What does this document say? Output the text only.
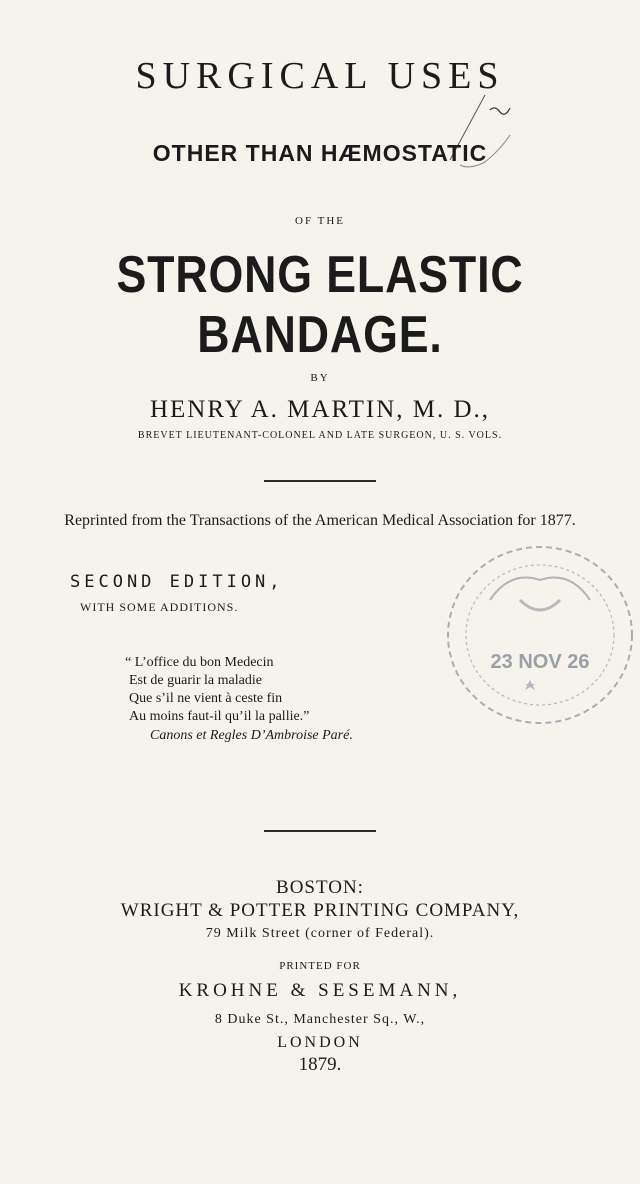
SURGICAL USES
OTHER THAN HÆMOSTATIC
OF THE
STRONG ELASTIC BANDAGE.
BY
HENRY A. MARTIN, M. D.,
BREVET LIEUTENANT-COLONEL AND LATE SURGEON, U. S. VOLS.
Reprinted from the Transactions of the American Medical Association for 1877.
SECOND EDITION,
WITH SOME ADDITIONS.
23 NOV 26
“ L’office du bon Medecin
Est de guarir la maladie
Que s’il ne vient à ceste fin
Au moins faut-il qu’il la pallie.”
Canons et Regles D’Ambroise Paré.
BOSTON:
WRIGHT & POTTER PRINTING COMPANY,
79 Milk Street (corner of Federal).
PRINTED FOR
KROHNE & SESEMANN,
8 Duke St., Manchester Sq., W.,
LONDON
1879.
